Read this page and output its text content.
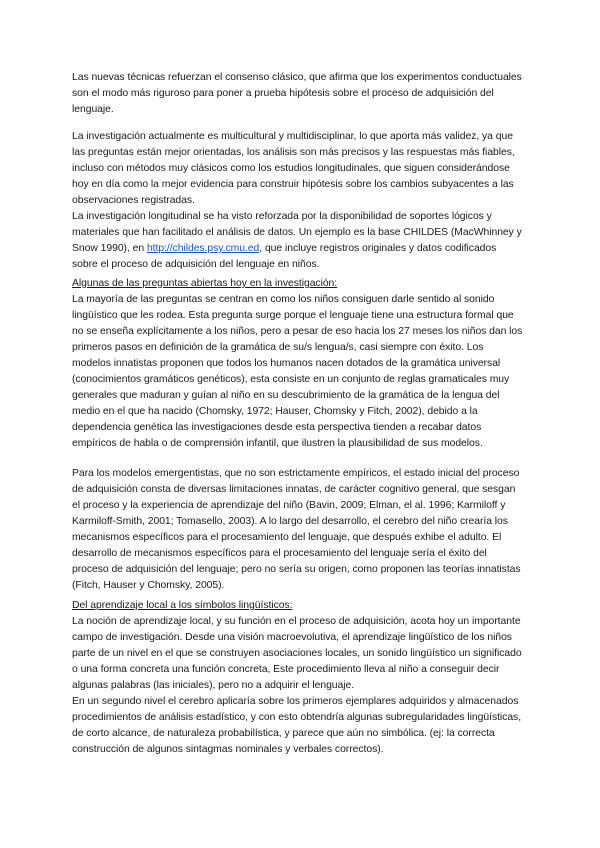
Las nuevas técnicas refuerzan el consenso clásico, que afirma que los experimentos conductuales son el modo más riguroso para poner a prueba hipótesis sobre el proceso de adquisición del lenguaje.

La investigación actualmente es multicultural y multidisciplinar, lo que aporta más validez, ya que las preguntas están mejor orientadas, los análisis son más precisos y las respuestas más fiables, incluso con métodos muy clásicos como los estudios longitudinales, que siguen considerándose hoy en día como la mejor evidencia para construir hipótesis sobre los cambios subyacentes a las observaciones registradas.

La investigación longitudinal se ha visto reforzada por la disponibilidad de soportes lógicos y materiales que han facilitado el análisis de datos. Un ejemplo es la base CHILDES (MacWhinney y Snow 1990), en http://childes.psy.cmu.ed, que incluye registros originales y datos codificados sobre el proceso de adquisición del lenguaje en niños.

Algunas de las preguntas abiertas hoy en la investigación:

La mayoría de las preguntas se centran en como los niños consiguen darle sentido al sonido lingüístico que les rodea. Esta pregunta surge porque el lenguaje tiene una estructura formal que no se enseña explícitamente a los niños, pero a pesar de eso hacia los 27 meses los niños dan los primeros pasos en definición de la gramática de su/s lengua/s, casi siempre con éxito. Los modelos innatistas proponen que todos los humanos nacen dotados de la gramática universal (conocimientos gramáticos genéticos), esta consiste en un conjunto de reglas gramaticales muy generales que maduran y guían al niño en su descubrimiento de la gramática de la lengua del medio en el que ha nacido (Chomsky, 1972; Hauser, Chomsky y Fitch, 2002), debido a la dependencia genética las investigaciones desde esta perspectiva tienden a recabar datos empíricos de habla o de comprensión infantil, que ilustren la plausibilidad de sus modelos.

Para los modelos emergentistas, que no son estrictamente empíricos, el estado inicial del proceso de adquisición consta de diversas limitaciones innatas, de carácter cognitivo general, que sesgan el proceso y la experiencia de aprendizaje del niño (Bavin, 2009; Elman, el al. 1996; Karmiloff y Karmiloff-Smith, 2001; Tomasello, 2003). A lo largo del desarrollo, el cerebro del niño crearía los mecanismos específicos para el procesamiento del lenguaje, que después exhibe el adulto. El desarrollo de mecanismos específicos para el procesamiento del lenguaje sería el éxito del proceso de adquisición del lenguaje; pero no sería su origen, como proponen las teorías innatistas (Fitch, Hauser y Chomsky, 2005).

Del aprendizaje local a los símbolos lingüísticos:

La noción de aprendizaje local, y su función en el proceso de adquisición, acota hoy un importante campo de investigación. Desde una visión macroevolutiva, el aprendizaje lingüístico de los niños parte de un nivel en el que se construyen asociaciones locales, un sonido lingüístico un significado o una forma concreta una función concreta, Este procedimiento lleva al niño a conseguir decir algunas palabras (las iniciales), pero no a adquirir el lenguaje.

En un segundo nivel el cerebro aplicaría sobre los primeros ejemplares adquiridos y almacenados procedimientos de análisis estadístico, y con esto obtendría algunas subregularidades lingüísticas, de corto alcance, de naturaleza probabilística, y parece que aún no simbólica. (ej: la correcta construcción de algunos sintagmas nominales y verbales correctos).
